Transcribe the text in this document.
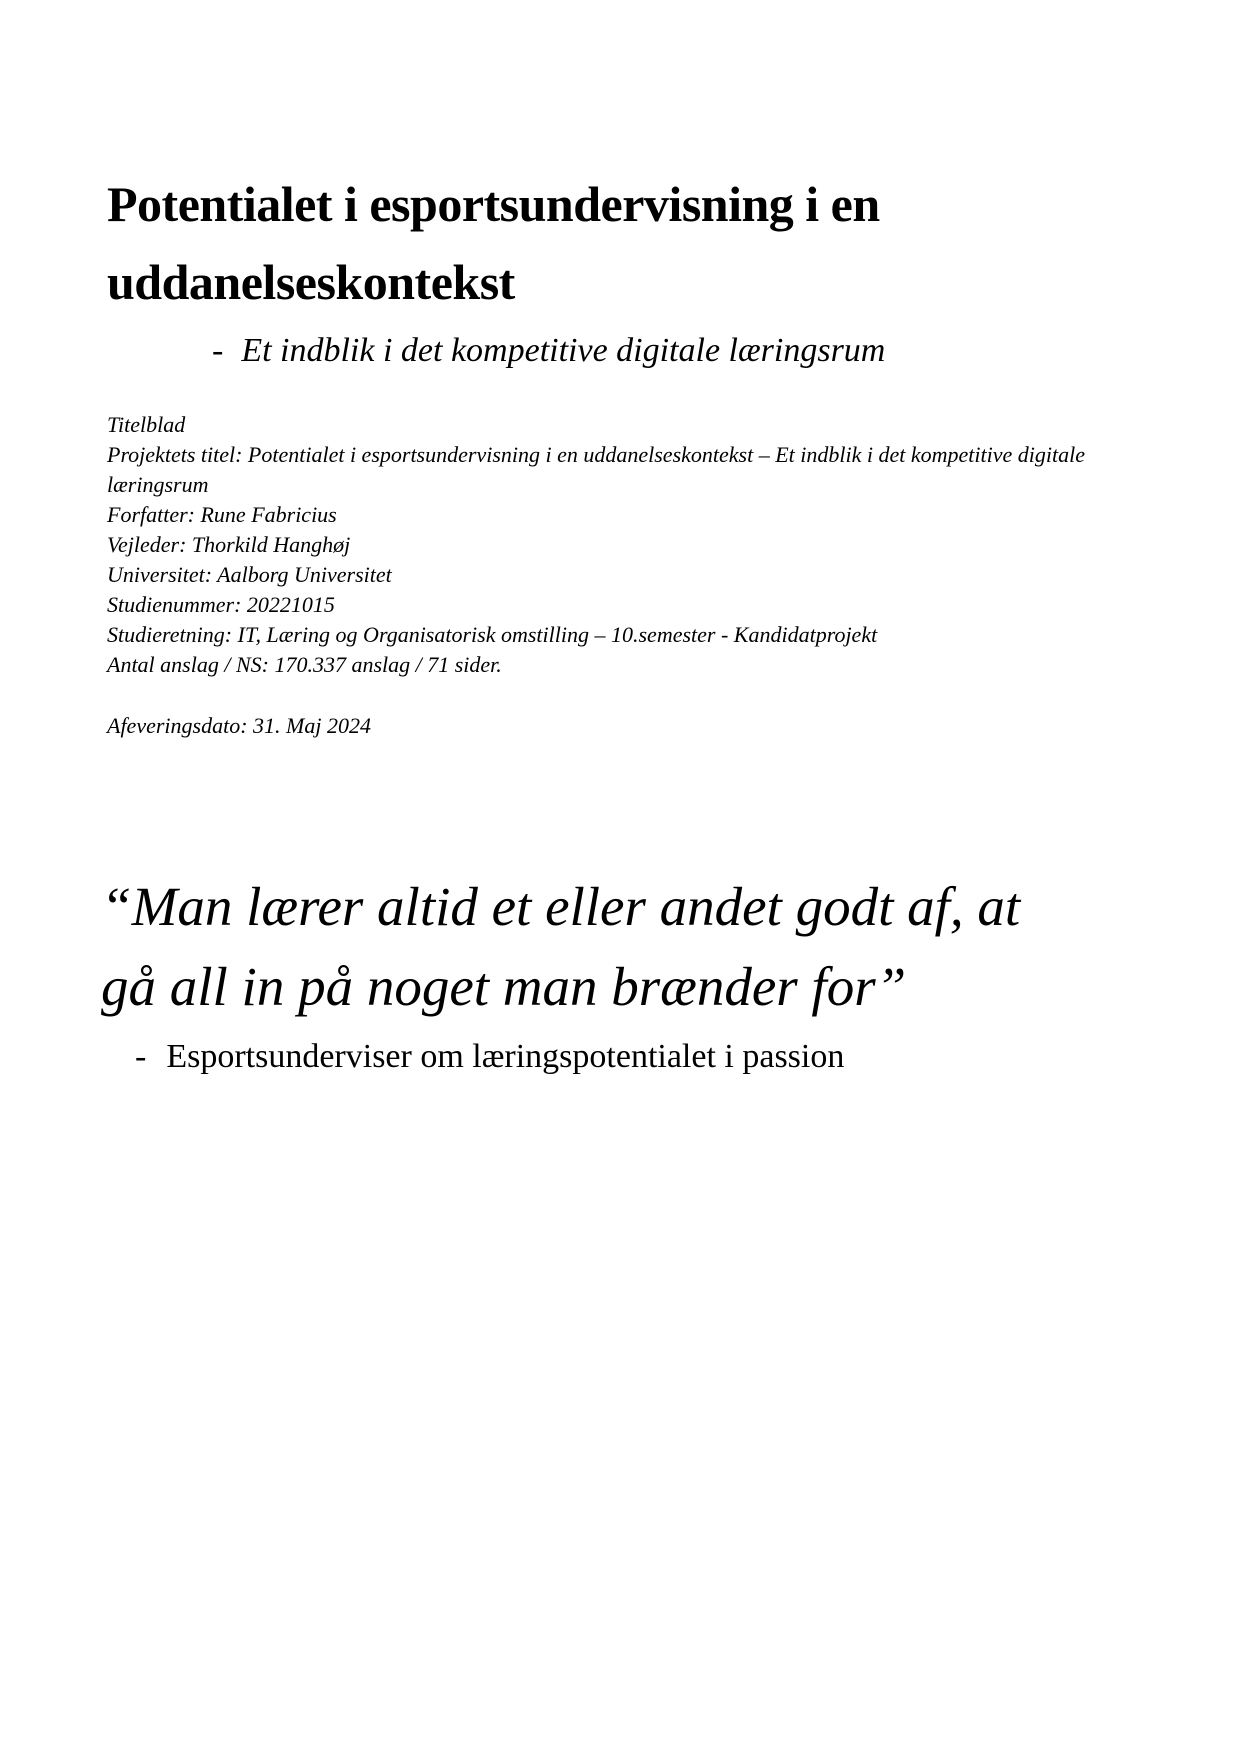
Potentialet i esportsundervisning i en
uddanelseskontekst
- Et indblik i det kompetitive digitale læringsrum
Titelblad
Projektets titel: Potentialet i esportsundervisning i en uddanelseskontekst – Et indblik i det kompetitive digitale læringsrum
Forfatter: Rune Fabricius
Vejleder: Thorkild Hanghøj
Universitet: Aalborg Universitet
Studienummer: 20221015
Studieretning: IT, Læring og Organisatorisk omstilling – 10.semester - Kandidatprojekt
Antal anslag / NS: 170.337 anslag / 71 sider.
Afeveringsdato: 31. Maj 2024
“Man lærer altid et eller andet godt af, at
gå all in på noget man brænder for”
- Esportsunderviser om læringspotentialet i passion
